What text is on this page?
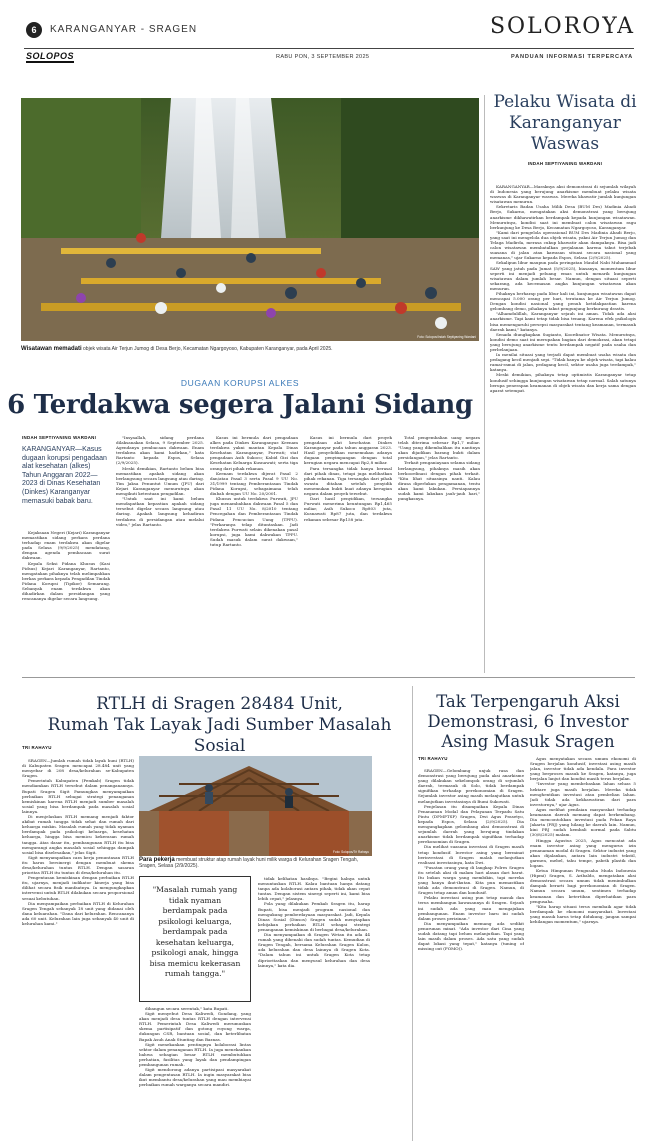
6	KARANGANYAR - SRAGEN	SOLOROYA
SOLOPOS	RABU PON, 3 SEPTEMBER 2025	PANDUAN INFORMASI TERPERCAYA
Foto: Solopos/Indah Septiyaning Wardani
Wisatawan memadati objek wisata Air Terjun Jumog di Desa Berjo, Kecamatan Ngargoyoso, Kabupaten Karanganyar, pada April 2025.
Pelaku Wisata di Karanganyar Waswas
INDAH SEPTIYANING WARDANI

KARANGANYAR—Maraknya aksi demonstrasi di sejumlah wilayah di Indonesia yang berujung anarkisme membuat pelaku wisata waswas di Karanganyar waswas. Mereka khawatir jumlah kunjungan wisatawan menurun.

Sekretaris Badan Usaha Milik Desa (BUM Des) Madinia Abadi Berjo, Sukarno, mengatakan aksi demonstrasi yang berujung anarkisme dikhawatirkan berdampak kepada kunjungan wisatawan. Menurutnya, kondisi saat ini membuat calon wisatawan ragu berkunjung ke Desa Berjo, Kecamatan Ngargoyoso, Karanganyar.

"Kami dari pengelola operasional BUM Des Madinia Abadi Berjo, yang saat ini mengelola dua objek wisata, yakni Air Terjun Jumog dan Telaga Madirda, merasa cukup khawatir akan dampaknya. Bisa jadi calon wisatawan membatalkan perjalanan karena takut terjebak suasana di jalan atau kawasan situasi secara nasional yang memanas," ujar Sukarno kepada Espos, Selasa (2/9/2025).

Sekalipun libur maupun pada peringatan Maulid Nabi Muhammad SAW yang jatuh pada Jumat (5/9/2025), biasanya, momentum libur seperti ini menjadi peluang emas untuk menarik kunjungan wisatawan dalam jumlah besar. Namun, dengan situasi seperti sekarang, ada kecemasan angka kunjungan wisatawan akan menurun.

Pihaknya berharap pada libur kali ini, kunjungan wisatawan dapat mencapai 5.000 orang per hari, terutama ke Air Terjun Jumog. Dengan kondisi nasional yang penuh ketidakpastian karena gelombang demo, pihaknya takut pengunjung berkurang drastis.

"Alhamdulillah, Karanganyar sejauh ini aman. Tidak ada aksi anarkisme. Tapi kami tetap tidak bisa tenang. Karena efek psikologis bisa memengaruhi persepsi masyarakat tentang keamanan, termasuk daerah kami," katanya.

Senada diungkapkan Sugianto, Koordinator Wisata. Menurutnya, kondisi demo saat ini merupakan bagian dari demokrasi, akan tetapi yang berujung anarkisme tentu berdampak negatif pada usaha dan perbelanjaan.

Ia menilai situasi yang terjadi dapat membuat usaha wisata dan pedagang kecil menjadi sepi. "Tidak hanya ke objek wisata, tapi kalau ramai-ramai di jalan, pedagang kecil, sektor usaha juga terdampak," katanya.

Meski demikian, pihaknya tetap optimistis Karanganyar tetap kondusif sehingga kunjungan wisatawan tetap normal. Salah satunya berupa penerapan keamanan di objek wisata dan kerja sama dengan aparat setempat.

DUGAAN KORUPSI ALKES
6 Terdakwa segera Jalani Sidang
INDAH SEPTIYANING WARDANI
KARANGANYAR—Kasus dugaan korupsi pengadaan alat kesehatan (alkes) Tahun Anggaran 2022—2023 di Dinas Kesehatan (Dinkes) Karanganyar memasuki babak baru.

Kejaksaan Negeri (Kejari) Karanganyar memastikan sidang perkara perdana terhadap enam terdakwa akan digelar pada Selasa (9/9/2025) mendatang, dengan agenda pembacaan surat dakwaan.

Kepala Seksi Pidana Khusus (Kasi Pidsus) Kejari Karanganyar, Rartanto, mengatakan pihaknya telah melimpahkan berkas perkara kepada Pengadilan Tindak Pidana Korupsi (Tipikor) Semarang. Sebanyak enam terdakwa akan dihadirkan dalam persidangan yang rencananya digelar secara langsung.

"Insyaallah, sidang perdana dilaksanakan Selasa, 9 September 2025. Agendanya pembacaan dakwaan. Enam terdakwa akan kami hadirkan," kata Rartanto kepada Espos, Selasa (2/9/2025).

Meski demikian, Rartanto belum bisa memastikan apakah sidang akan berlangsung secara langsung atau daring. Tim Jaksa Penuntut Umum (JPU) dari Kejari Karanganyar menurutnya akan mengikuti ketentuan pengadilan.

"Untuk saat ini kami belum mendapatkan kepastian apakah sidang tersebut digelar secara langsung atau daring. Apakah langsung kehadiran terdakwa di persidangan atau melalui video," jelas Rartanto.

Kasus ini bermula dari pengadaan alkes pada Dinkes Karanganyar. Keenam terdakwa yakni mantan Kepala Dinas Kesehatan Karanganyar, Purwati; staf pengadaan Asih Sukoco; Kabid Gizi dan Kesehatan Keluarga Kusnawati; serta tiga orang dari pihak rekanan.

Keenam terdakwa dijerat Pasal 2 dan/atau Pasal 3 serta Pasal 9 UU No. 31/1999 tentang Pemberantasan Tindak Pidana Korupsi, sebagaimana telah diubah dengan UU No. 20/2001.

Khusus untuk terdakwa Purwati, JPU juga menambahkan dakwaan Pasal 5 dan Pasal 11 UU No. 8/2010 tentang Pencegahan dan Pemberantasan Tindak Pidana Pencucian Uang (TPPU). "Perkaranya telap dituntaskan. Jadi terdakwa Purwati selain dikenakan pasal korupsi, juga kami dakwakan TPPU. Sudah masuk dalam surat dakwaan," tutup Rartanto.

Kasus ini bermula dari proyek pengadaan alat kesehatan Dinkes Karanganyar pada tahun anggaran 2023. Hasil penyelidikan menemukan adanya dugaan penyimpangan dengan total kerugian negara mencapai Rp2,8 miliar.

Para tersangka tidak hanya berasal dari pihak dinas, tetapi juga melibatkan pihak rekanan. Tiga tersangka dari pihak swasta ditahan setelah penyidik menemukan bukti kuat adanya kerugian negara dalam proyek tersebut.

Dari hasil penyidikan, tersangka Purwati menerima keuntungan Rp1,465 miliar, Asih Sukoco Rp803 juta, Kusnawati Rp87 juta, dan terdakwa rekanan sebesar Rp158 juta.

Total pengembalian uang negara telah diterima sebesar Rp1,7 miliar. "Uang yang dikembalikan itu nantinya akan dijadikan barang bukti dalam persidangan," jelas Rartanto.

Terkait penganiayaan selama sidang berlangsung, pihaknya masih akan berkoordinasi dengan pihak terkait. "Kita lihat situasinya nanti. Kalau dirasa diperlukan pengamanan, tentu akan kami lakukan. Persiapannya sudah kami lakukan jauh-jauh hari," pungkasnya.

RTLH di Sragen 28484 Unit,
Rumah Tak Layak Jadi Sumber Masalah Sosial
TRI RAHAYU

SRAGEN—Jumlah rumah tidak layak huni (RTLH) di Kabupaten Sragen mencapai 28.484 unit yang menyebar di 208 desa/kelurahan se-Kabupaten Sragen.

Pemerintah Kabupaten (Pemkab) Sragen tidak mendiamkan RTLH tersebut dalam penanganannya. Bupati Sragen Sigit Pamungkas menyampaikan perbaikan RTLH sebagai strategi penanganan kemiskinan karena RTLH menjadi sumber masalah sosial yang bisa berdampak pada masalah sosial lainnya.

Di menjelaskan RTLH memang menjadi faktor akibat rumah tangga tidak sehat dan rumah dari keluarga miskin. Masalah rumah yang tidak nyaman berdampak pada psikologi keluarga, kesehatan keluarga, hingga bisa memicu kekerasan rumah tangga. Atas dasar itu, pembangunan RTLH itu bisa mengurangi angka masalah sosial sehingga dampak sosial bisa diselesaikan," jelas Sigit.

Sigit menyampaikan cara kerja penuntasan RTLH itu harus bersinergi dengan membuat skema desa/kelurahan tuntas RTLH. Dengan sasaran prioritas RTLH itu tuntas di desa/kelurahan itu.

Pengentasan kemiskinan dengan perbaikan RTLH itu, ujarnya, menjadi indikator kinerja yang bisa dilihat secara fisik manfaatnya. Ia mengungkapkan intervensi untuk RTLH dilakukan secara proporsional sesuai kebutuhan.

Dia menyampaikan perbaikan RTLH di Kelurahan Sragen Tengah sebanyak 18 unit yang didanai oleh dana keluarahan. "Dana dari kelurahan. Rencananya ada 60 unit. Kelurahan lain juga sebanyak 40 unit di kelurahan kami."

Foto: Solopos/Tri Rahayu
Para pekerja membuat struktur atap rumah layak huni milik warga di Kelurahan Sragen Tengah, Sragen, Selasa (2/9/2025).
"Masalah rumah yang tidak nyaman berdampak pada psikologi keluarga, berdampak pada kesehatan keluarga, psikologi anak, hingga bisa memicu kekerasan rumah tangga."

dibangun secara serentak," kata Bupati.

Sigit menyebut Desa Kaliwedi, Gondang, yang akan menjadi desa tuntas RTLH dengan intervensi RTLH. Pemerintah Desa Kaliwedi merumuskan skema partisipatif dan gotong royong warga, dukungan CSR, bantuan sosial, dan keterlibatan Bapak Asuh Anak Stunting dan Baznas.

Sigit menekankan pentingnya kolaborasi lintas sektor dalam penanganan RTLH. Ia juga menekankan bahwa sebagian besar RTLH membutuhkan perhatian, fasilitas yang layak dan pendampingan pembangunan rumah.

Sigit mendorong adanya partisipasi masyarakat dalam pengentasan RTLH. Ia ingin masyarakat bisa ikut membantu desa/kelurahan yang mau membiayai perbaikan rumah warganya secara mandiri.

tidak kelihatan hasilnya. "Begini halnya untuk menuntaskan RTLH. Kalau bantuan hanya datang tanpa ada kolaborasi antara pihak, tidak akan cepat tuntas. Dengan sistem sinergi seperti ini, kami bisa lebih cepat," jelasnya.

Pola yang dilakukan Pemkab Sragen itu, harap Bupati, bisa menjadi program nasional dan mengukung pemberdayaan masyarakat. Jadi, Kepala Dinas Sosial (Dinsos) Sragen sudah menyiapkan kebijakan perbaikan RTLH sebagai strategi penanganan kemiskinan di berbagai desa/kelurahan.

Dia menyampaikan di Sragen Wetan itu ada 44 rumah yang dibenahi dan sudah tuntas. Kemudian di Sragen Tengah, bersama Kelurahan Sragen Kulon, ada kelurahan dan desa lainnya di Sragen Kota. "Dalam tahun ini untuk Sragen Kota tetap diprioritaskan dan menyusul kelurahan dan desa lainnya," kata dia.

Tak Terpengaruh Aksi Demonstrasi, 6 Investor Asing Masuk Sragen
TRI RAHAYU

SRAGEN—Gelombang unjuk rasa dan demonstrasi yang berujung pada aksi anarkisme yang dilakukan sekelompok orang di sejumlah daerah, termasuk di Solo, tidak berdampak signifikan terhadap perekonomian di Sragen. Sejumlah investor asing masih melanjutkan untuk melanjutkan investasinya di Bumi Sukowati.

Penjelasan itu disampaikan Kepala Dinas Penanaman Modal dan Pelayanan Terpadu Satu Pintu (DPMPTSP) Sragen, Dwi Agus Prasetyo, kepada Espos, Selasa (2/9/2025). Dia mengungkapkan gelombang aksi demonstrasi di sejumlah daerah yang berujung tindakan anarkisme tidak berdampak signifikan terhadap perekonomian di Sragen.

Dia melihat suasana investasi di Sragen masih tetap kondusif. Investor asing yang berminat berinvestasi di Sragen malah melanjutkan realisasi investasinya, kata Dwi.

"Pusatan orang yang di langkap Polres Sragen itu setelah aksi di malam hari alasan dari barat. Itu bukan warga yang membikin, tapi mereka yang hanya ikut-ikutan. Kita pun memastikan tidak ada demonstrasi di Sragen. Namun, di Sragen tetap aman dan kondusif.

Pelaku investasi asing pun tetap masuk dan terus membangun kawasannya di Sragen. Sejauh ini sudah ada yang mau mengajukan pembangunan. Enam investor baru ini sudah dalam proses perizinan."

Dia menyampaikan memang ada sedikit penurunan minat. "Ada investor dari Cina yang sudah datang tapi belum melanjutkan. Tapi yang lain masih dalam proses. Ada satu yang sudah dapat lokasi yang tepat," katanya (tuning of missing out (FOMO)).

Agus menyatakan secara umum ekonomi di Sragen berjalan kondusif, investasi asing masih jalan, investor tidak ada kendala. Para investor yang berproses masuk ke Sragen, katanya, juga berjalan lanjut dan kondisi masih terus berjalan.

"Investor yang membebaskan lahan seluas 5 hektare juga masih berjalan. Mereka tidak menghentikan investasi atau pembelian lahan. Jadi tidak ada kekhawatiran dari para investornya," ujar Agus.

Agus melihat penilaian masyarakat terhadap keamanan daerah memang dapat berkembang. Dia mencontohkan investasi pada Pekan Raya Jakarta (PRJ) yang hilang ke daerah lain. Namun, kini PRJ sudah kembali normal pada Sabtu (30/8/2025) malam.

Hingga Agustus 2025, Agus mencatat ada enam investor asing yang mengurus izin penanaman modal di Sragen. Sektor industri yang akan dijalankan, antara lain industri tekstil, garmen, mebel, tahu tempe, pabrik plastik dan logam.

Ketua Himpunan Pengusaha Muda Indonesia (Hipmi) Sragen, S. Aribaldo, mengatakan aksi demonstrasi secara umum tidak menimbulkan dampak berarti bagi perekonomian di Sragen. Namun secara umum, sentimen terhadap keamanan dan ketertiban diperhatikan para pengusaha.

"Kita harap situasi terus membaik agar tidak berdampak ke ekonomi masyarakat. Investasi yang masuk harus tetap didukung, jangan sampai kehilangan momentum," ujarnya.
